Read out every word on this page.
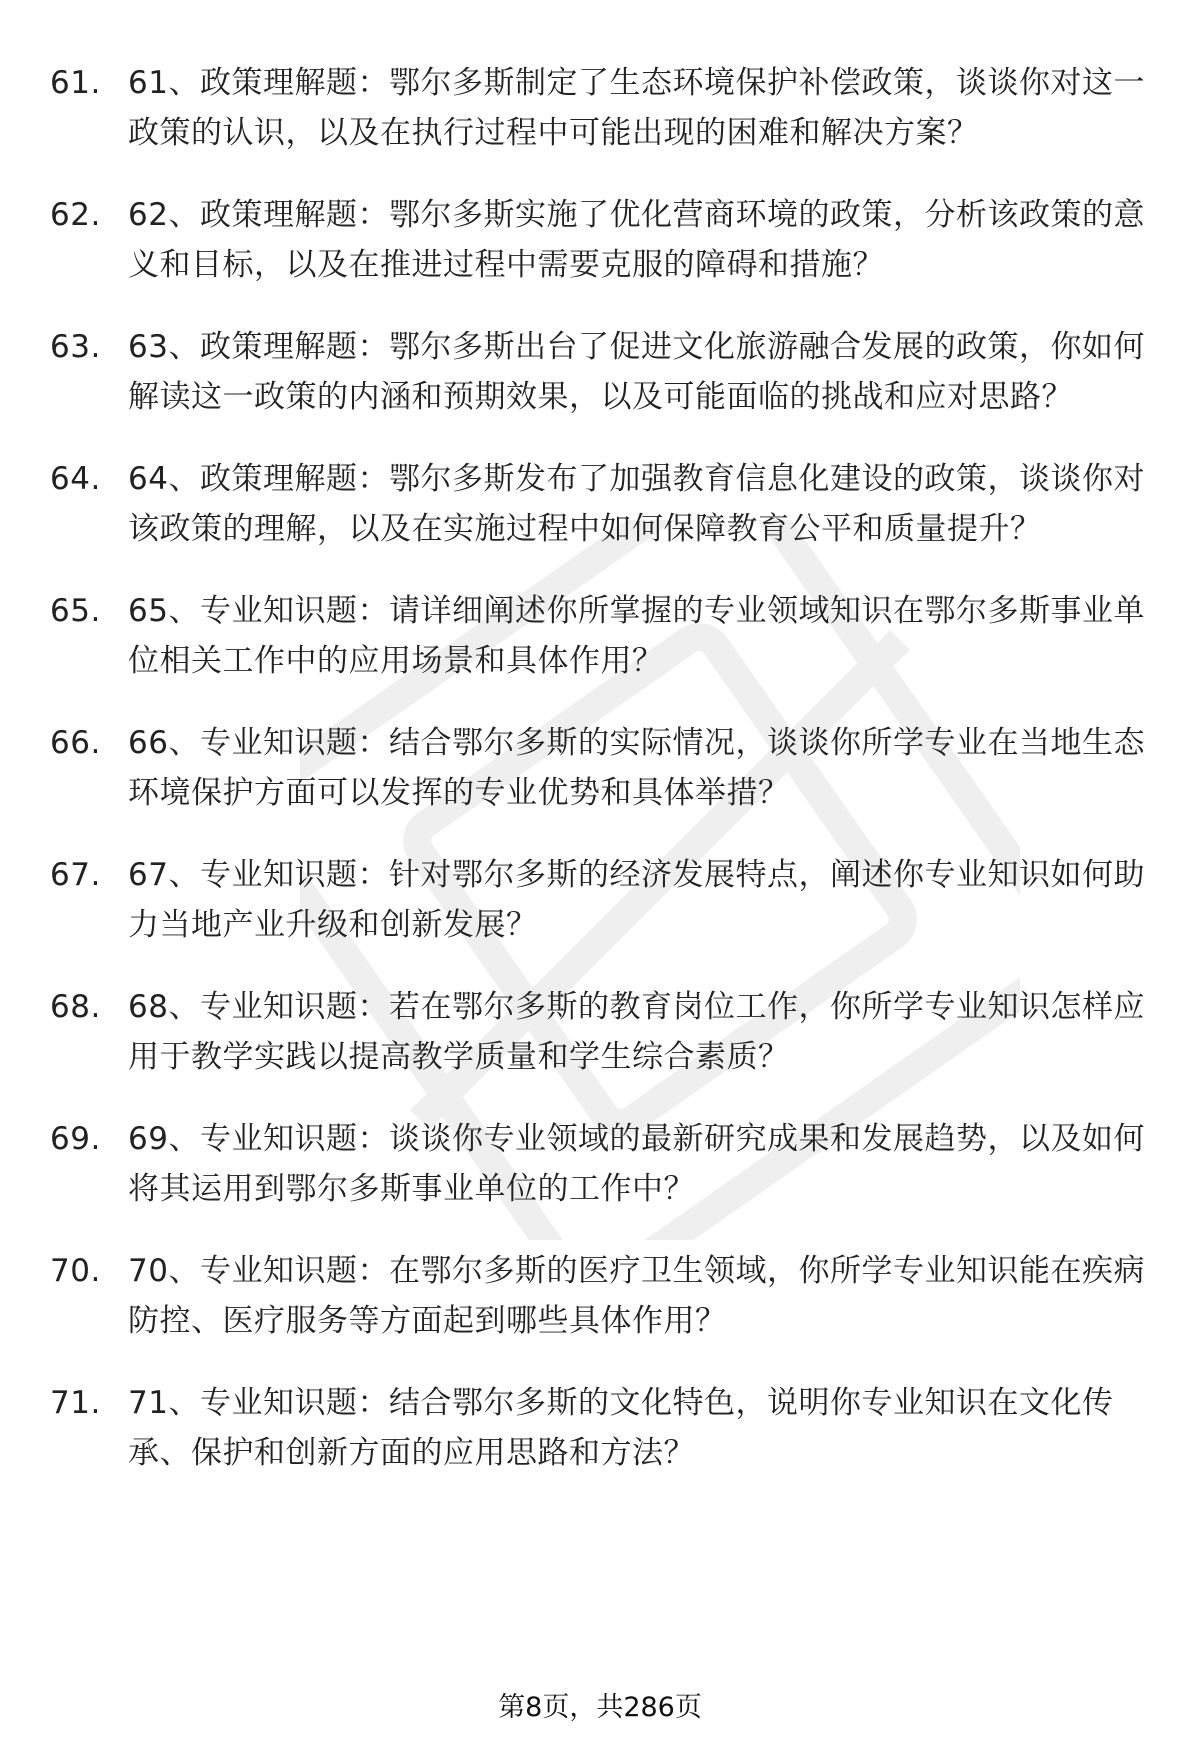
61. 61、政策理解题：鄂尔多斯制定了生态环境保护补偿政策，谈谈你对这一政策的认识，以及在执行过程中可能出现的困难和解决方案？
62. 62、政策理解题：鄂尔多斯实施了优化营商环境的政策，分析该政策的意义和目标，以及在推进过程中需要克服的障碍和措施？
63. 63、政策理解题：鄂尔多斯出台了促进文化旅游融合发展的政策，你如何解读这一政策的内涵和预期效果，以及可能面临的挑战和应对思路？
64. 64、政策理解题：鄂尔多斯发布了加强教育信息化建设的政策，谈谈你对该政策的理解，以及在实施过程中如何保障教育公平和质量提升？
65. 65、专业知识题：请详细阐述你所掌握的专业领域知识在鄂尔多斯事业单位相关工作中的应用场景和具体作用？
66. 66、专业知识题：结合鄂尔多斯的实际情况，谈谈你所学专业在当地生态环境保护方面可以发挥的专业优势和具体举措？
67. 67、专业知识题：针对鄂尔多斯的经济发展特点，阐述你专业知识如何助力当地产业升级和创新发展？
68. 68、专业知识题：若在鄂尔多斯的教育岗位工作，你所学专业知识怎样应用于教学实践以提高教学质量和学生综合素质？
69. 69、专业知识题：谈谈你专业领域的最新研究成果和发展趋势，以及如何将其运用到鄂尔多斯事业单位的工作中？
70. 70、专业知识题：在鄂尔多斯的医疗卫生领域，你所学专业知识能在疾病防控、医疗服务等方面起到哪些具体作用？
71. 71、专业知识题：结合鄂尔多斯的文化特色，说明你专业知识在文化传承、保护和创新方面的应用思路和方法？
第8页，共286页
